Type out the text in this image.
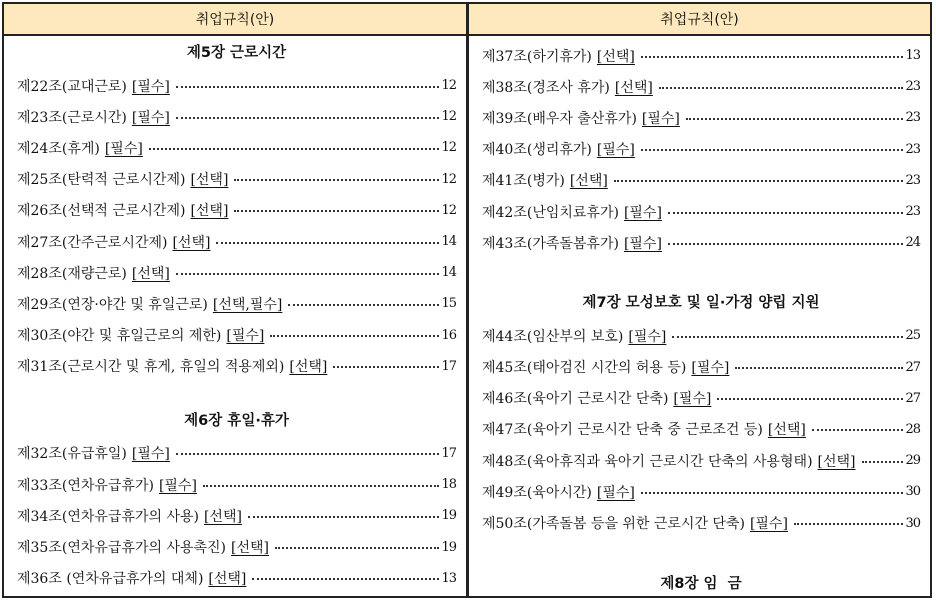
취업규칙(안)
제5장 근로시간
제22조(교대근로) [필수]	12
제23조(근로시간) [필수]	12
제24조(휴게) [필수]	12
제25조(탄력적 근로시간제) [선택]	12
제26조(선택적 근로시간제) [선택]	12
제27조(간주근로시간제) [선택]	14
제28조(재량근로) [선택]	14
제29조(연장·야간 및 휴일근로) [선택,필수]	15
제30조(야간 및 휴일근로의 제한) [필수]	16
제31조(근로시간 및 휴게, 휴일의 적용제외) [선택]	17
제6장 휴일·휴가
제32조(유급휴일) [필수]	17
제33조(연차유급휴가) [필수]	18
제34조(연차유급휴가의 사용) [선택]	19
제35조(연차유급휴가의 사용촉진) [선택]	19
제36조 (연차유급휴가의 대체) [선택]	13
취업규칙(안)
제37조(하기휴가) [선택]	13
제38조(경조사 휴가) [선택]	23
제39조(배우자 출산휴가) [필수]	23
제40조(생리휴가) [필수]	23
제41조(병가) [선택]	23
제42조(난임치료휴가) [필수]	23
제43조(가족돌봄휴가) [필수]	24
제7장 모성보호 및 일·가정 양립 지원
제44조(임산부의 보호) [필수]	25
제45조(태아검진 시간의 허용 등) [필수]	27
제46조(육아기 근로시간 단축) [필수]	27
제47조(육아기 근로시간 단축 중 근로조건 등) [선택]	28
제48조(육아휴직과 육아기 근로시간 단축의 사용형태) [선택]	29
제49조(육아시간) [필수]	30
제50조(가족돌봄 등을 위한 근로시간 단축) [필수]	30
제8장 임  금
